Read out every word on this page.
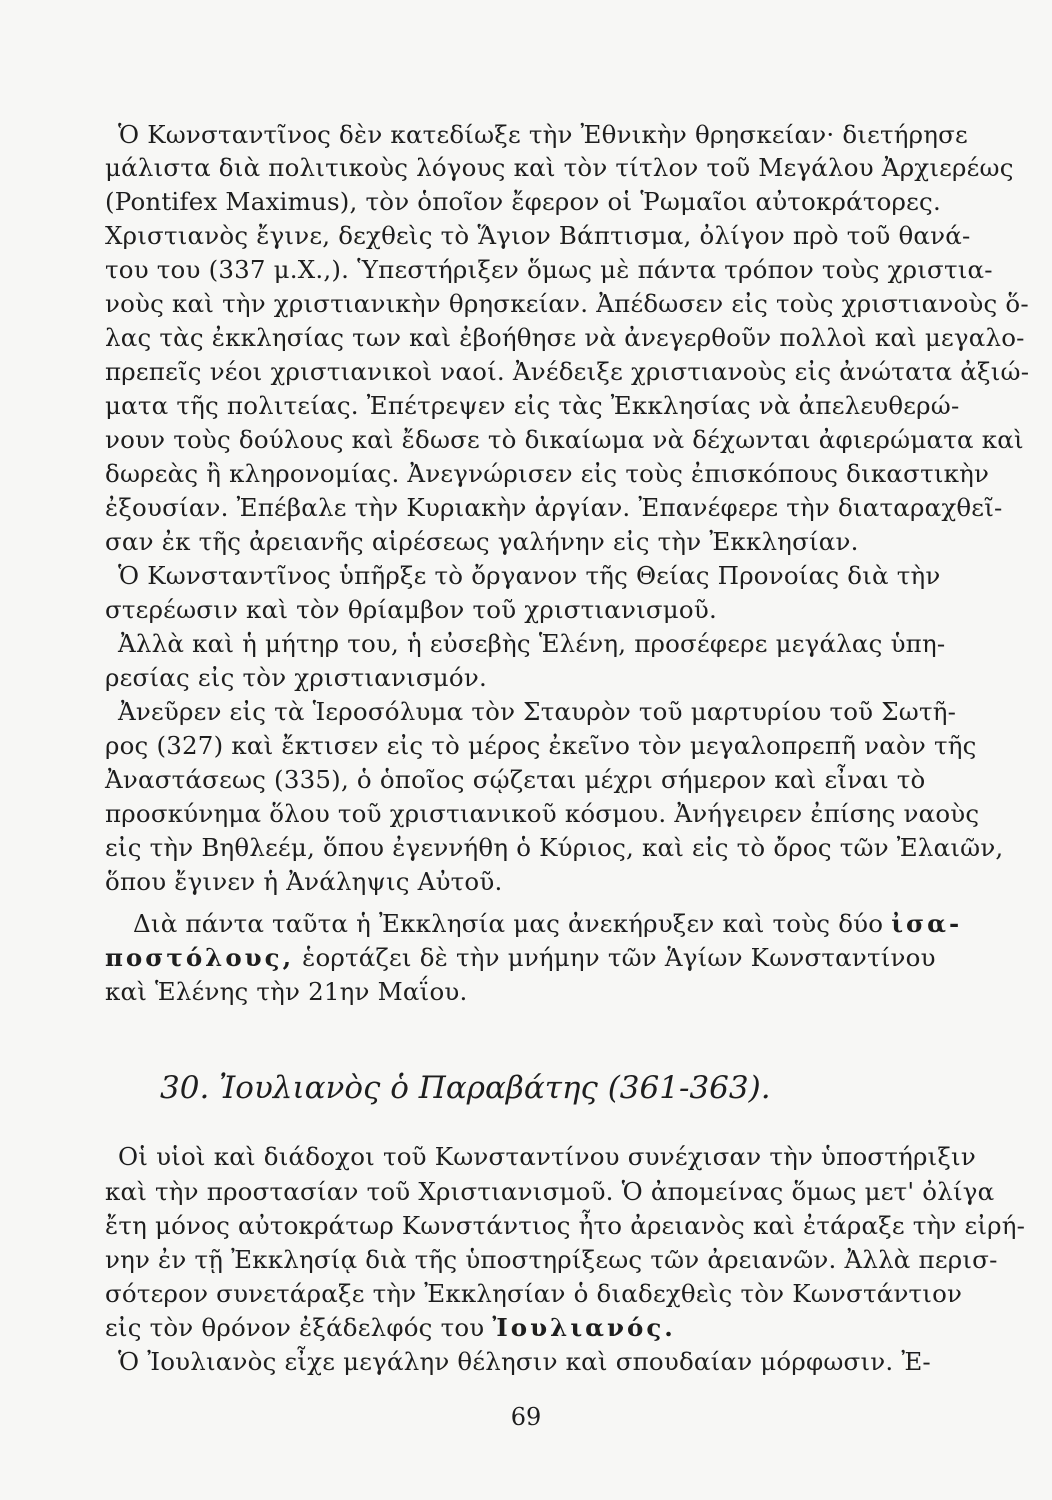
Ὁ Κωνσταντῖνος δὲν κατεδίωξε τὴν Ἐθνικὴν θρησκείαν· διετήρησε
μάλιστα διὰ πολιτικοὺς λόγους καὶ τὸν τίτλον τοῦ Μεγάλου Ἀρχιερέως
(Pontifex Maximus), τὸν ὁποῖον ἔφερον οἱ Ῥωμαῖοι αὐτοκράτορες.
Χριστιανὸς ἔγινε, δεχθεὶς τὸ Ἅγιον Βάπτισμα, ὀλίγον πρὸ τοῦ θανά-
του του (337 μ.Χ.,). Ὑπεστήριξεν ὅμως μὲ πάντα τρόπον τοὺς χριστια-
νοὺς καὶ τὴν χριστιανικὴν θρησκείαν. Ἀπέδωσεν εἰς τοὺς χριστιανοὺς ὅ-
λας τὰς ἐκκλησίας των καὶ ἐβοήθησε νὰ ἀνεγερθοῦν πολλοὶ καὶ μεγαλο-
πρεπεῖς νέοι χριστιανικοὶ ναοί. Ἀνέδειξε χριστιανοὺς εἰς ἀνώτατα ἀξιώ-
ματα τῆς πολιτείας. Ἐπέτρεψεν εἰς τὰς Ἐκκλησίας νὰ ἀπελευθερώ-
νουν τοὺς δούλους καὶ ἔδωσε τὸ δικαίωμα νὰ δέχωνται ἀφιερώματα καὶ
δωρεὰς ἢ κληρονομίας. Ἀνεγνώρισεν εἰς τοὺς ἐπισκόπους δικαστικὴν
ἐξουσίαν. Ἐπέβαλε τὴν Κυριακὴν ἀργίαν. Ἐπανέφερε τὴν διαταραχθεῖ-
σαν ἐκ τῆς ἀρειανῆς αἱρέσεως γαλήνην εἰς τὴν Ἐκκλησίαν.
Ὁ Κωνσταντῖνος ὑπῆρξε τὸ ὄργανον τῆς Θείας Προνοίας διὰ τὴν
στερέωσιν καὶ τὸν θρίαμβον τοῦ χριστιανισμοῦ.
Ἀλλὰ καὶ ἡ μήτηρ του, ἡ εὐσεβὴς Ἑλένη, προσέφερε μεγάλας ὑπη-
ρεσίας εἰς τὸν χριστιανισμόν.
Ἀνεῦρεν εἰς τὰ Ἱεροσόλυμα τὸν Σταυρὸν τοῦ μαρτυρίου τοῦ Σωτῆ-
ρος (327) καὶ ἔκτισεν εἰς τὸ μέρος ἐκεῖνο τὸν μεγαλοπρεπῆ ναὸν τῆς
Ἀναστάσεως (335), ὁ ὁποῖος σῴζεται μέχρι σήμερον καὶ εἶναι τὸ
προσκύνημα ὅλου τοῦ χριστιανικοῦ κόσμου. Ἀνήγειρεν ἐπίσης ναοὺς
εἰς τὴν Βηθλεέμ, ὅπου ἐγεννήθη ὁ Κύριος, καὶ εἰς τὸ ὄρος τῶν Ἐλαιῶν,
ὅπου ἔγινεν ἡ Ἀνάληψις Αὐτοῦ.
Διὰ πάντα ταῦτα ἡ Ἐκκλησία μας ἀνεκήρυξεν καὶ τοὺς δύο ἰσα-
ποστόλους, ἑορτάζει δὲ τὴν μνήμην τῶν Ἁγίων Κωνσταντίνου
καὶ Ἑλένης τὴν 21ην Μαΐου.
30. Ἰουλιανὸς ὁ Παραβάτης (361-363).
Οἱ υἱοὶ καὶ διάδοχοι τοῦ Κωνσταντίνου συνέχισαν τὴν ὑποστήριξιν
καὶ τὴν προστασίαν τοῦ Χριστιανισμοῦ. Ὁ ἀπομείνας ὅμως μετ' ὀλίγα
ἔτη μόνος αὐτοκράτωρ Κωνστάντιος ἦτο ἀρειανὸς καὶ ἐτάραξε τὴν εἰρή-
νην ἐν τῇ Ἐκκλησίᾳ διὰ τῆς ὑποστηρίξεως τῶν ἀρειανῶν. Ἀλλὰ περισ-
σότερον συνετάραξε τὴν Ἐκκλησίαν ὁ διαδεχθεὶς τὸν Κωνστάντιον
εἰς τὸν θρόνον ἐξάδελφός του Ἰουλιανός.
Ὁ Ἰουλιανὸς εἶχε μεγάλην θέλησιν καὶ σπουδαίαν μόρφωσιν. Ἐ-
69
